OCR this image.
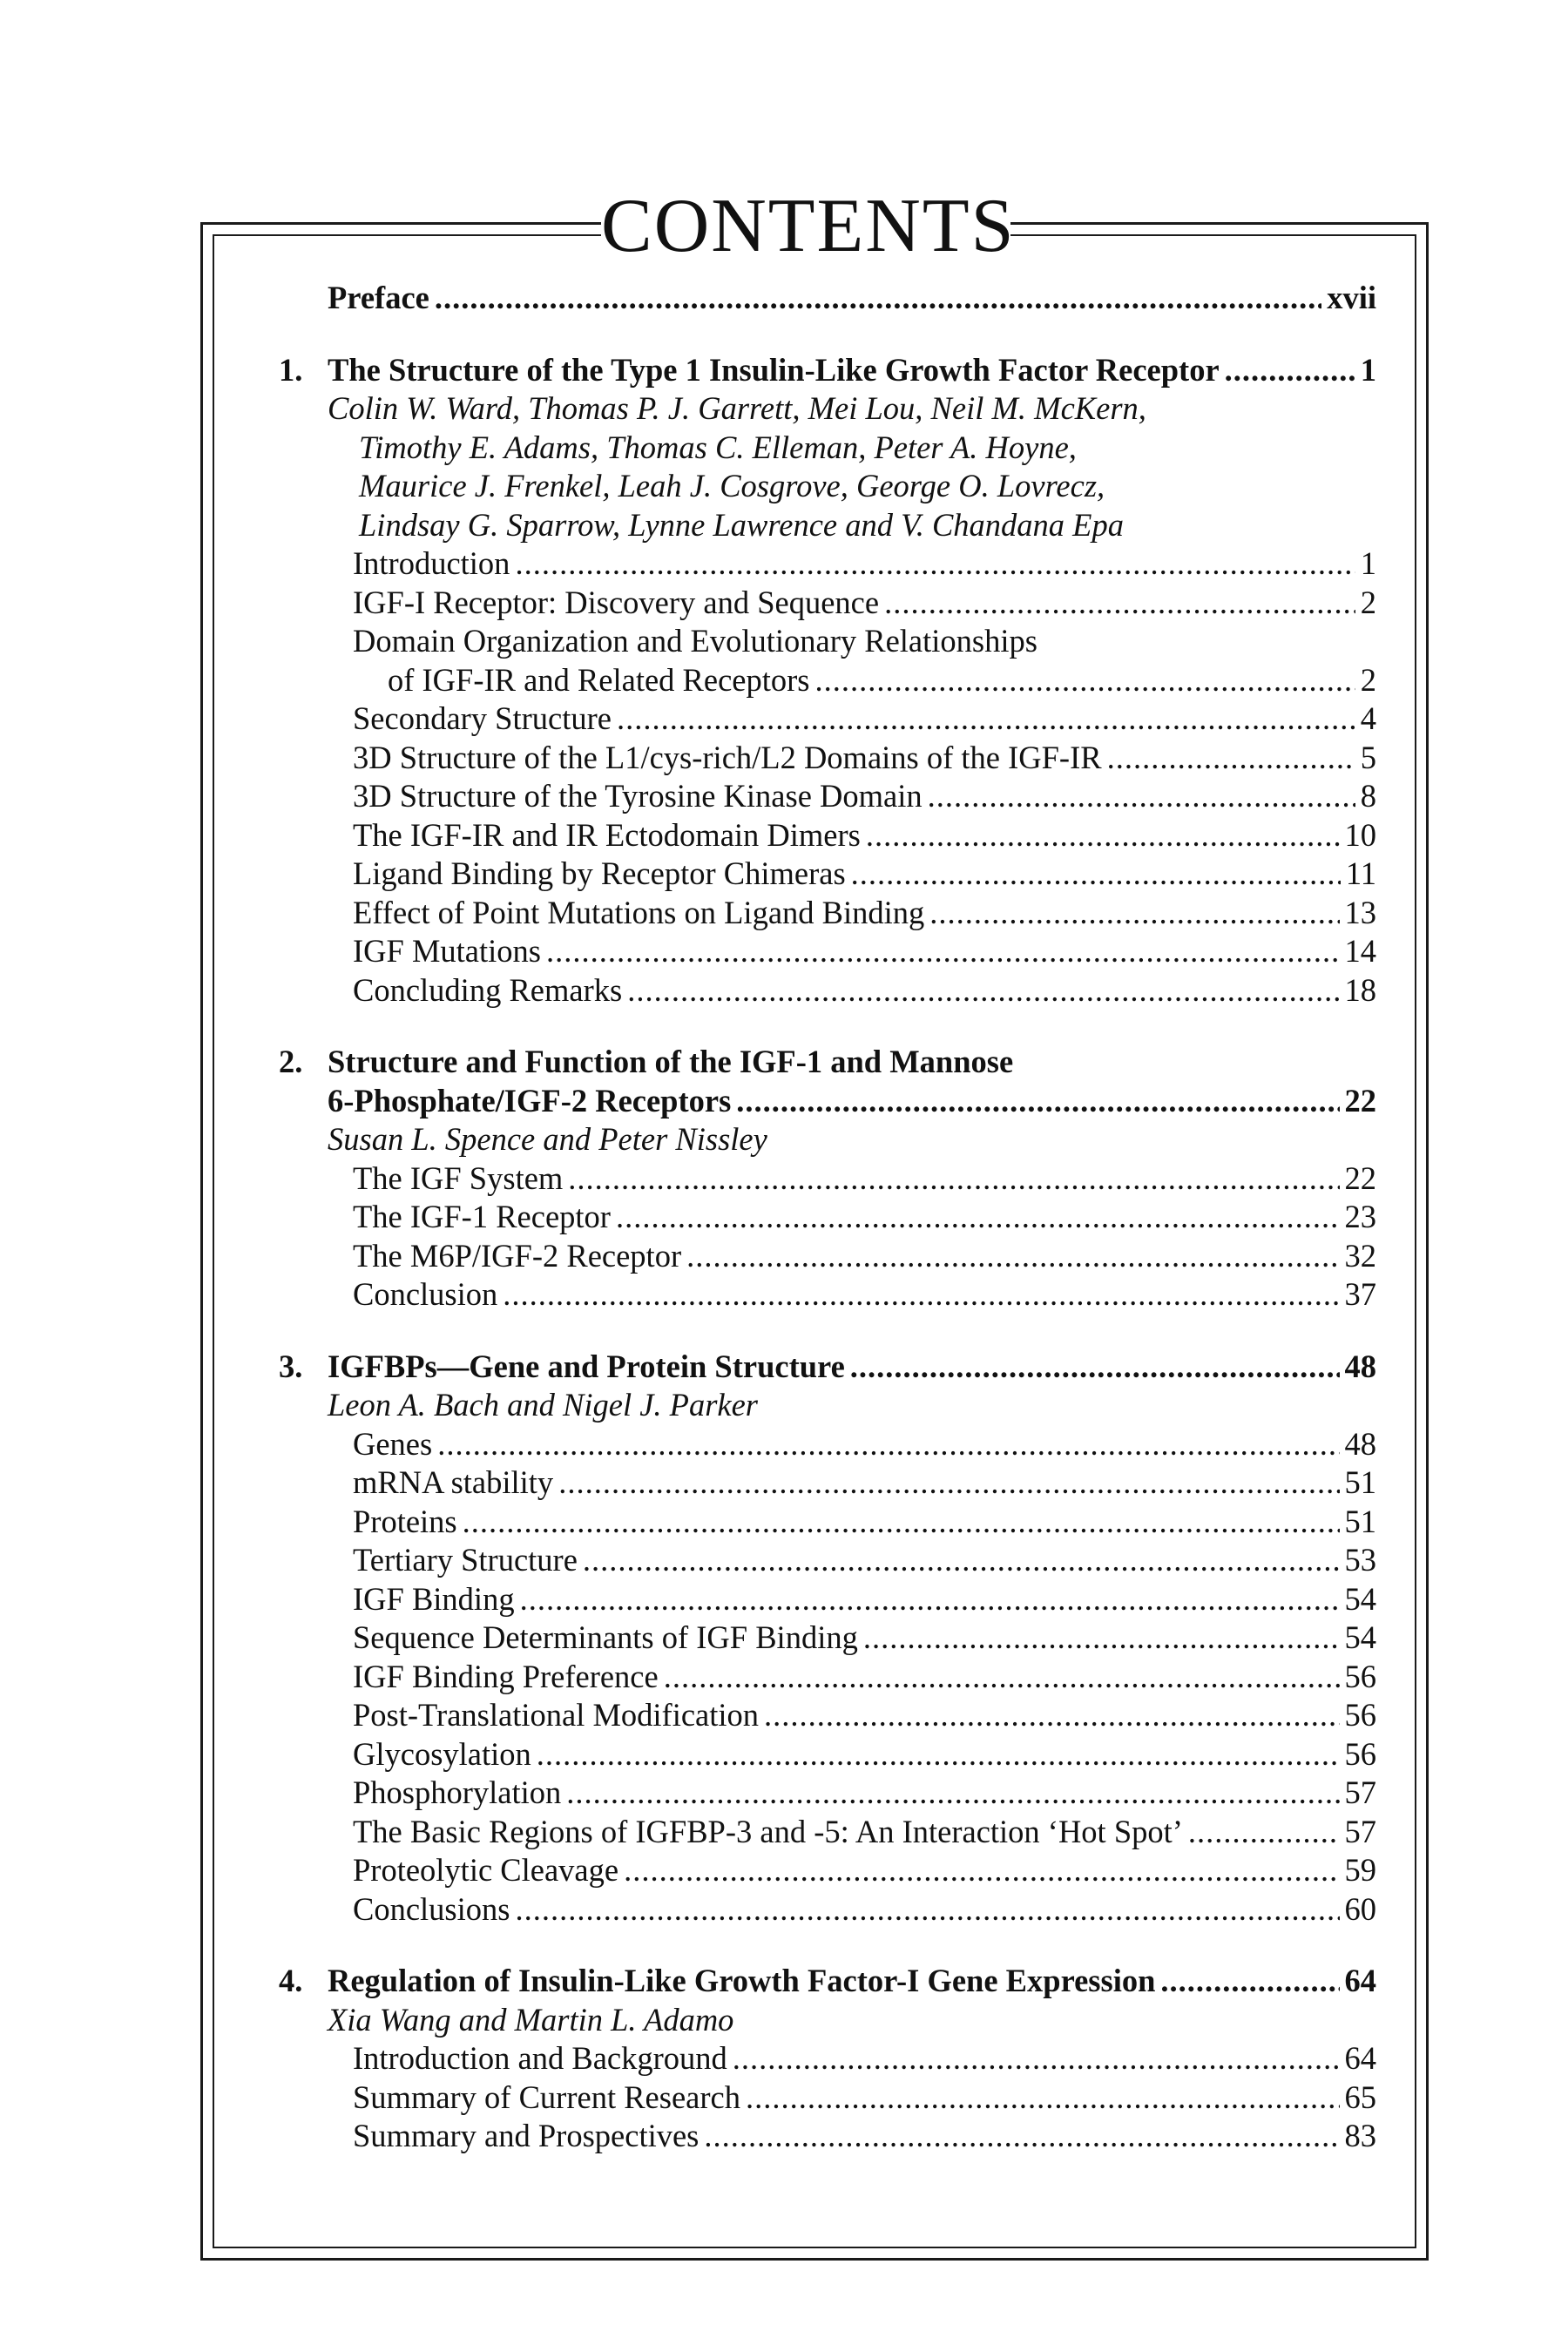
CONTENTS
Preface .....	xvii
1. The Structure of the Type 1 Insulin-Like Growth Factor Receptor .....	1
Colin W. Ward, Thomas P. J. Garrett, Mei Lou, Neil M. McKern,
Timothy E. Adams, Thomas C. Elleman, Peter A. Hoyne,
Maurice J. Frenkel, Leah J. Cosgrove, George O. Lovrecz,
Lindsay G. Sparrow, Lynne Lawrence and V. Chandana Epa
Introduction .....	1
IGF-I Receptor: Discovery and Sequence .....	2
Domain Organization and Evolutionary Relationships
of IGF-IR and Related Receptors .....	2
Secondary Structure .....	4
3D Structure of the L1/cys-rich/L2 Domains of the IGF-IR .....	5
3D Structure of the Tyrosine Kinase Domain .....	8
The IGF-IR and IR Ectodomain Dimers .....	10
Ligand Binding by Receptor Chimeras .....	11
Effect of Point Mutations on Ligand Binding .....	13
IGF Mutations .....	14
Concluding Remarks .....	18
2. Structure and Function of the IGF-1 and Mannose
6-Phosphate/IGF-2 Receptors .....	22
Susan L. Spence and Peter Nissley
The IGF System .....	22
The IGF-1 Receptor .....	23
The M6P/IGF-2 Receptor .....	32
Conclusion .....	37
3. IGFBPs—Gene and Protein Structure .....	48
Leon A. Bach and Nigel J. Parker
Genes .....	48
mRNA stability .....	51
Proteins .....	51
Tertiary Structure .....	53
IGF Binding .....	54
Sequence Determinants of IGF Binding .....	54
IGF Binding Preference .....	56
Post-Translational Modification .....	56
Glycosylation .....	56
Phosphorylation .....	57
The Basic Regions of IGFBP-3 and -5: An Interaction ‘Hot Spot’ .....	57
Proteolytic Cleavage .....	59
Conclusions .....	60
4. Regulation of Insulin-Like Growth Factor-I Gene Expression .....	64
Xia Wang and Martin L. Adamo
Introduction and Background .....	64
Summary of Current Research .....	65
Summary and Prospectives .....	83
